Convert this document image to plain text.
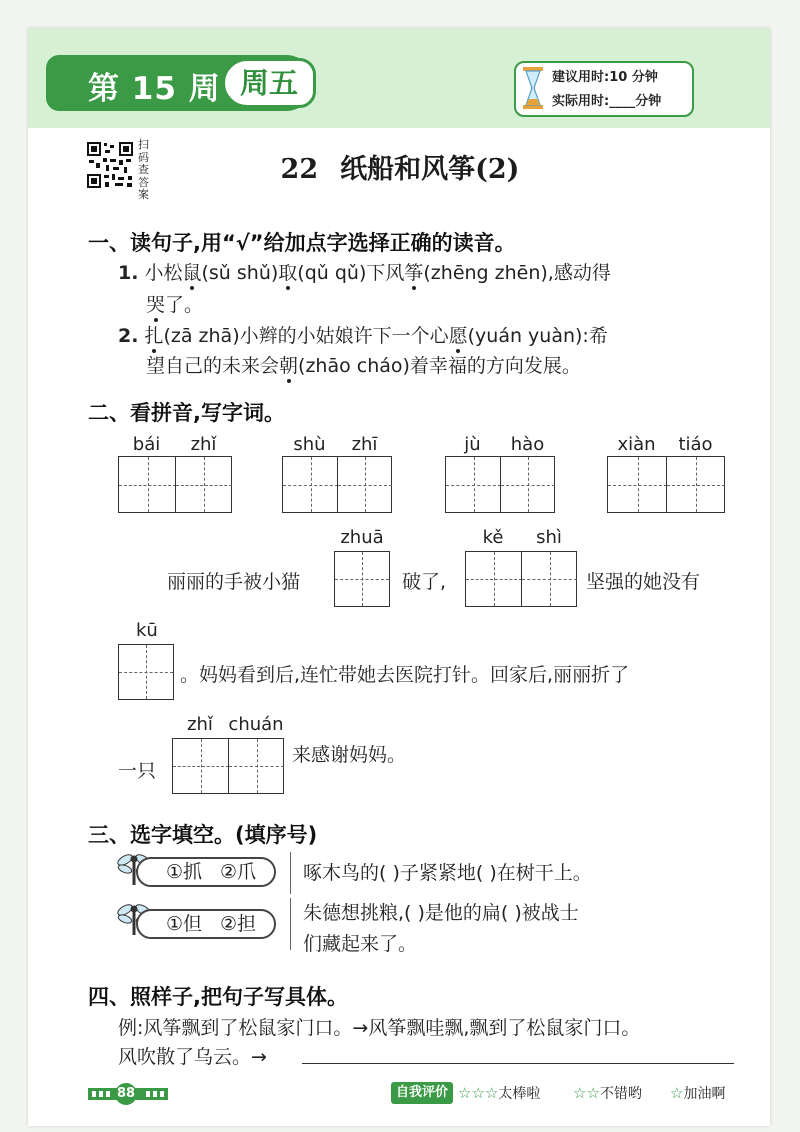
第 15 周 周五	建议用时:10 分钟
实际用时:____分钟
扫码查答案
22 纸船和风筝(2)
一、读句子,用“√”给加点字选择正确的读音。
1. 小松鼠(sǔ shǔ)取(qǔ qǔ)下风筝(zhēng zhēn),感动得
哭了。
2. 扎(zā zhā)小辫的小姑娘许下一个心愿(yuán yuàn):希
望自己的未来会朝(zhāo cháo)着幸福的方向发展。
二、看拼音,写字词。
bái	zhǐ	shù	zhī	jù	hào	xiàn	tiáo
丽丽的手被小猫
zhuā
破了,
kě	shì
坚强的她没有
kū
。妈妈看到后,连忙带她去医院打针。回家后,丽丽折了
一只
zhǐ chuán
来感谢妈妈。
三、选字填空。(填序号)
①抓 ②爪
①但 ②担
啄木鸟的( )子紧紧地( )在树干上。
朱德想挑粮,( )是他的扁( )被战士
们藏起来了。
四、照样子,把句子写具体。
例:风筝飘到了松鼠家门口。→风筝飘哇飘,飘到了松鼠家门口。
风吹散了乌云。→
88	自我评价 ☆☆☆太棒啦 ☆☆不错哟 ☆加油啊
